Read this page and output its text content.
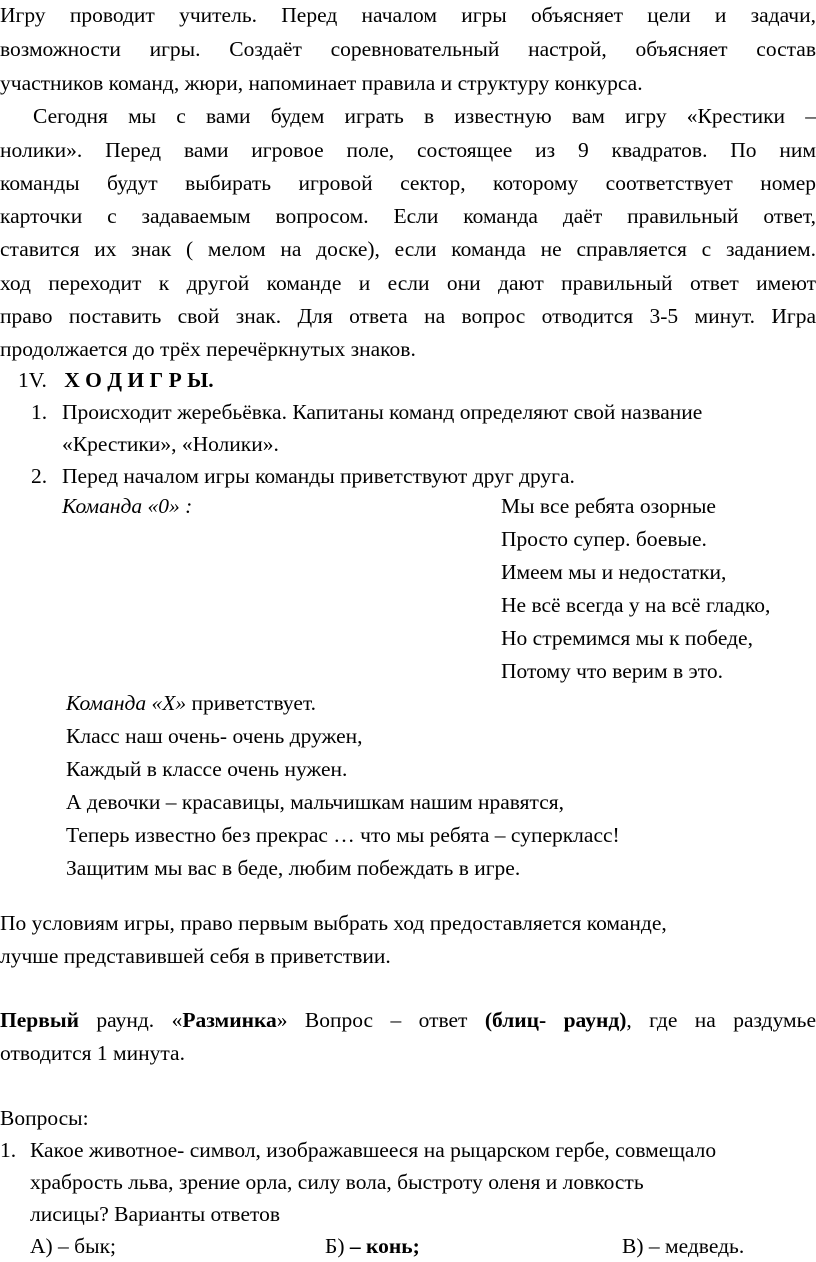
Игру проводит учитель. Перед началом игры объясняет цели и задачи,
возможности игры. Создаёт соревновательный настрой, объясняет состав
участников команд, жюри, напоминает правила и структуру конкурса.
Сегодня мы с вами будем играть в известную вам игру «Крестики –
нолики». Перед вами игровое поле, состоящее из 9 квадратов. По ним
команды будут выбирать игровой сектор, которому соответствует номер
карточки с задаваемым вопросом. Если команда даёт правильный ответ,
ставится их знак ( мелом на доске), если команда не справляется с заданием.
ход переходит к другой команде и если они дают правильный ответ имеют
право поставить свой знак. Для ответа на вопрос отводится 3-5 минут. Игра
продолжается до трёх перечёркнутых знаков.
1V. Х О Д И Г Р Ы.
1. Происходит жеребьёвка. Капитаны команд определяют свой название
«Крестики», «Нолики».
2. Перед началом игры команды приветствуют друг друга.
Команда «0» :	Мы все ребята озорные
Просто супер. боевые.
Имеем мы и недостатки,
Не всё всегда у на всё гладко,
Но стремимся мы к победе,
Потому что верим в это.
Команда «Х» приветствует.
Класс наш очень- очень дружен,
Каждый в классе очень нужен.
А девочки – красавицы, мальчишкам нашим нравятся,
Теперь известно без прекрас … что мы ребята – суперкласс!
Защитим мы вас в беде, любим побеждать в игре.
По условиям игры, право первым выбрать ход предоставляется команде,
лучше представившей себя в приветствии.
Первый раунд. «Разминка» Вопрос – ответ (блиц- раунд), где на раздумье
отводится 1 минута.
Вопросы:
1. Какое животное- символ, изображавшееся на рыцарском гербе, совмещало
храбрость льва, зрение орла, силу вола, быстроту оленя и ловкость
лисицы? Варианты ответов
А) – бык;	Б) – конь;	В) – медведь.
